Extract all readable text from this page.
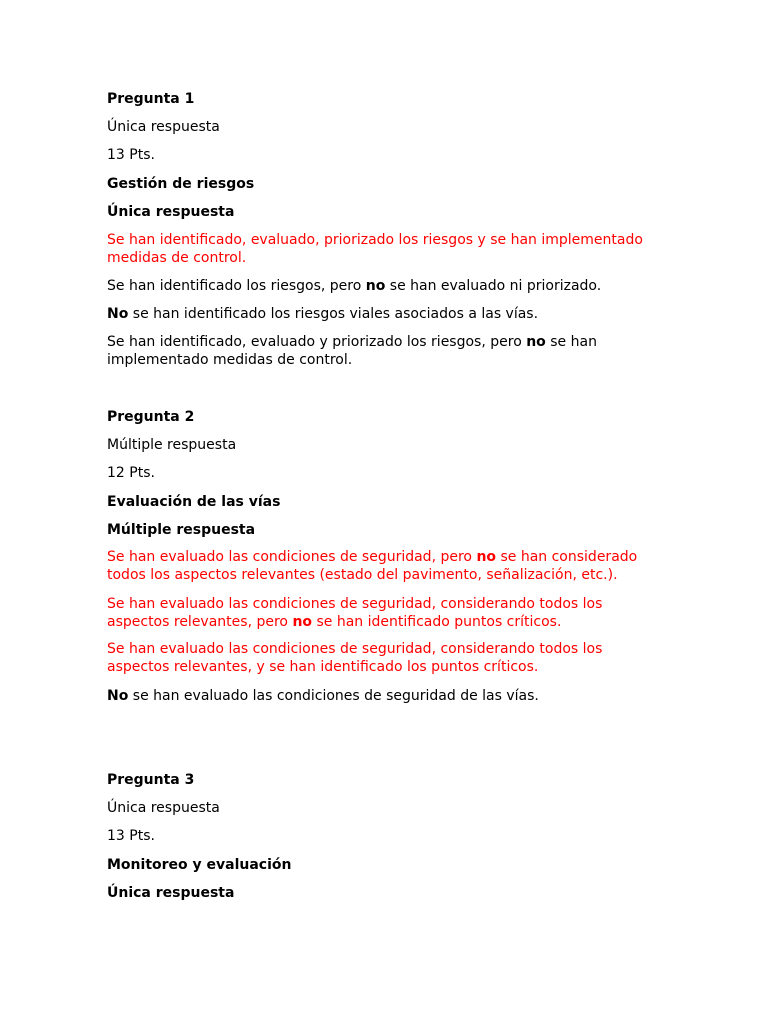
Pregunta 1

Única respuesta

13 Pts.

Gestión de riesgos

Única respuesta

Se han identificado, evaluado, priorizado los riesgos y se han implementado medidas de control.

Se han identificado los riesgos, pero no se han evaluado ni priorizado.

No se han identificado los riesgos viales asociados a las vías.

Se han identificado, evaluado y priorizado los riesgos, pero no se han implementado medidas de control.

Pregunta 2

Múltiple respuesta

12 Pts.

Evaluación de las vías

Múltiple respuesta

Se han evaluado las condiciones de seguridad, pero no se han considerado todos los aspectos relevantes (estado del pavimento, señalización, etc.).

Se han evaluado las condiciones de seguridad, considerando todos los aspectos relevantes, pero no se han identificado puntos críticos.

Se han evaluado las condiciones de seguridad, considerando todos los aspectos relevantes, y se han identificado los puntos críticos.

No se han evaluado las condiciones de seguridad de las vías.

Pregunta 3

Única respuesta

13 Pts.

Monitoreo y evaluación

Única respuesta
